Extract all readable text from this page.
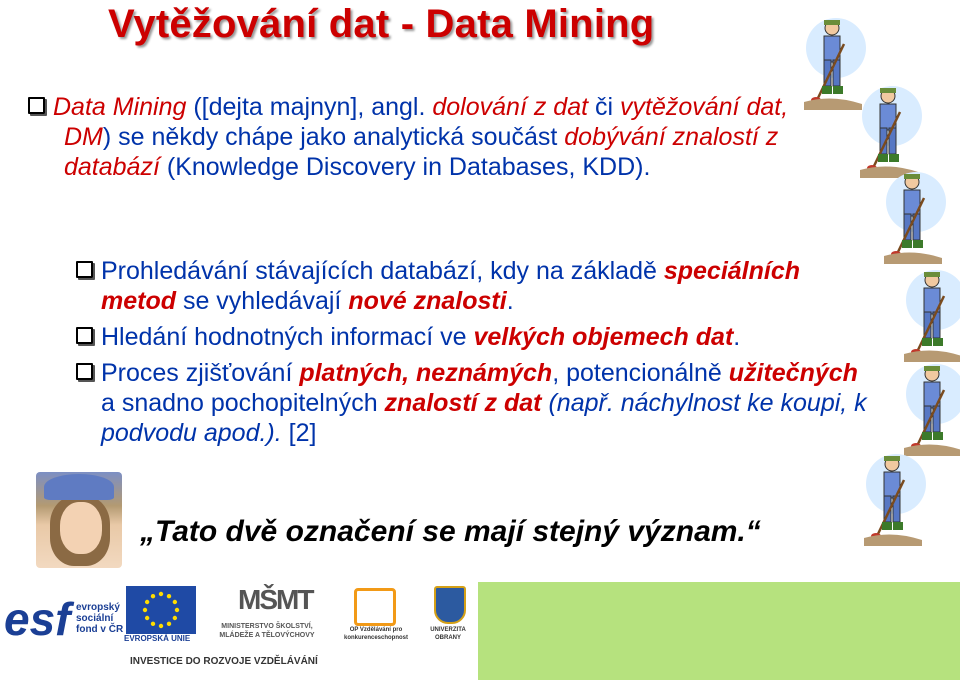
Vytěžování dat - Data Mining
Data Mining ([dejta majnyn], angl. dolování z dat či vytěžování dat, DM) se někdy chápe jako analytická součást dobývání znalostí z databází (Knowledge Discovery in Databases, KDD).
Prohledávání stávajících databází, kdy na základě speciálních metod se vyhledávají nové znalosti.
Hledání hodnotných informací ve velkých objemech dat.
Proces zjišťování platných, neznámých, potencionálně užitečných a snadno pochopitelných znalostí z dat (např. náchylnost ke koupi, k podvodu apod.). [2]
„Tato dvě označení se mají stejný význam.“
esf evropský
sociální
fond v ČR
EVROPSKÁ UNIE
MŠMT
MINISTERSTVO ŠKOLSTVÍ, MLÁDEŽE A TĚLOVÝCHOVY
OP Vzdělávání pro konkurenceschopnost
UNIVERZITA OBRANY
INVESTICE DO ROZVOJE VZDĚLÁVÁNÍ
